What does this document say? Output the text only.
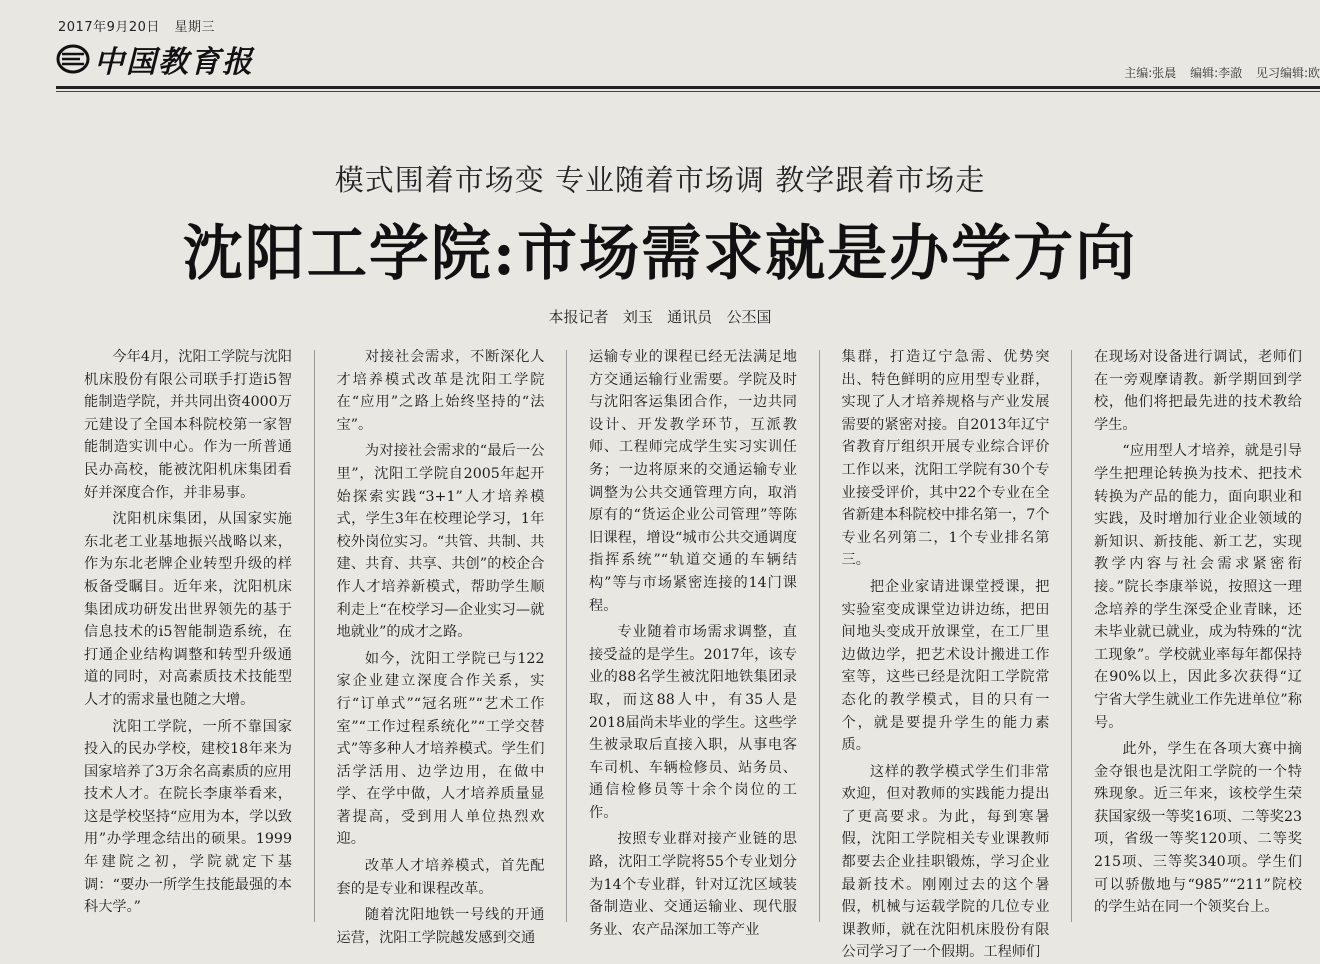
2017年9月20日 星期三
中国教育报	主编:张晨 编辑:李澈 见习编辑:欧
模式围着市场变 专业随着市场调 教学跟着市场走
沈阳工学院:市场需求就是办学方向
本报记者   刘玉   通讯员   公丕国

今年4月，沈阳工学院与沈阳机床股份有限公司联手打造i5智能制造学院，并共同出资4000万元建设了全国本科院校第一家智能制造实训中心。作为一所普通民办高校，能被沈阳机床集团看好并深度合作，并非易事。

沈阳机床集团，从国家实施东北老工业基地振兴战略以来，作为东北老牌企业转型升级的样板备受瞩目。近年来，沈阳机床集团成功研发出世界领先的基于信息技术的i5智能制造系统，在打通企业结构调整和转型升级通道的同时，对高素质技术技能型人才的需求量也随之大增。

沈阳工学院，一所不靠国家投入的民办学校，建校18年来为国家培养了3万余名高素质的应用技术人才。在院长李康举看来，这是学校坚持“应用为本，学以致用”办学理念结出的硕果。1999年建院之初，学院就定下基调：“要办一所学生技能最强的本科大学。”

对接社会需求，不断深化人才培养模式改革是沈阳工学院在“应用”之路上始终坚持的“法宝”。

为对接社会需求的“最后一公里”，沈阳工学院自2005年起开始探索实践“3+1”人才培养模式，学生3年在校理论学习，1年校外岗位实习。“共管、共制、共建、共育、共享、共创”的校企合作人才培养新模式，帮助学生顺利走上“在校学习—企业实习—就地就业”的成才之路。

如今，沈阳工学院已与122家企业建立深度合作关系，实行“订单式”“冠名班”“艺术工作室”“工作过程系统化”“工学交替式”等多种人才培养模式。学生们活学活用、边学边用，在做中学、在学中做，人才培养质量显著提高，受到用人单位热烈欢迎。

改革人才培养模式，首先配套的是专业和课程改革。

随着沈阳地铁一号线的开通运营，沈阳工学院越发感到交通

运输专业的课程已经无法满足地方交通运输行业需要。学院及时与沈阳客运集团合作，一边共同设计、开发教学环节，互派教师、工程师完成学生实习实训任务；一边将原来的交通运输专业调整为公共交通管理方向，取消原有的“货运企业公司管理”等陈旧课程，增设“城市公共交通调度指挥系统”“轨道交通的车辆结构”等与市场紧密连接的14门课程。

专业随着市场需求调整，直接受益的是学生。2017年，该专业的88名学生被沈阳地铁集团录取，而这88人中，有35人是2018届尚未毕业的学生。这些学生被录取后直接入职，从事电客车司机、车辆检修员、站务员、通信检修员等十余个岗位的工作。

按照专业群对接产业链的思路，沈阳工学院将55个专业划分为14个专业群，针对辽沈区域装备制造业、交通运输业、现代服务业、农产品深加工等产业

集群，打造辽宁急需、优势突出、特色鲜明的应用型专业群，实现了人才培养规格与产业发展需要的紧密对接。自2013年辽宁省教育厅组织开展专业综合评价工作以来，沈阳工学院有30个专业接受评价，其中22个专业在全省新建本科院校中排名第一，7个专业名列第二，1个专业排名第三。

把企业家请进课堂授课，把实验室变成课堂边讲边练，把田间地头变成开放课堂，在工厂里边做边学，把艺术设计搬进工作室等，这些已经是沈阳工学院常态化的教学模式，目的只有一个，就是要提升学生的能力素质。

这样的教学模式学生们非常欢迎，但对教师的实践能力提出了更高要求。为此，每到寒暑假，沈阳工学院相关专业课教师都要去企业挂职锻炼，学习企业最新技术。刚刚过去的这个暑假，机械与运载学院的几位专业课教师，就在沈阳机床股份有限公司学习了一个假期。工程师们

在现场对设备进行调试，老师们在一旁观摩请教。新学期回到学校，他们将把最先进的技术教给学生。

“应用型人才培养，就是引导学生把理论转换为技术、把技术转换为产品的能力，面向职业和实践，及时增加行业企业领域的新知识、新技能、新工艺，实现教学内容与社会需求紧密衔接。”院长李康举说，按照这一理念培养的学生深受企业青睐，还未毕业就已就业，成为特殊的“沈工现象”。学校就业率每年都保持在90%以上，因此多次获得“辽宁省大学生就业工作先进单位”称号。

此外，学生在各项大赛中摘金夺银也是沈阳工学院的一个特殊现象。近三年来，该校学生荣获国家级一等奖16项、二等奖23项，省级一等奖120项、二等奖215项、三等奖340项。学生们可以骄傲地与“985”“211”院校的学生站在同一个领奖台上。
